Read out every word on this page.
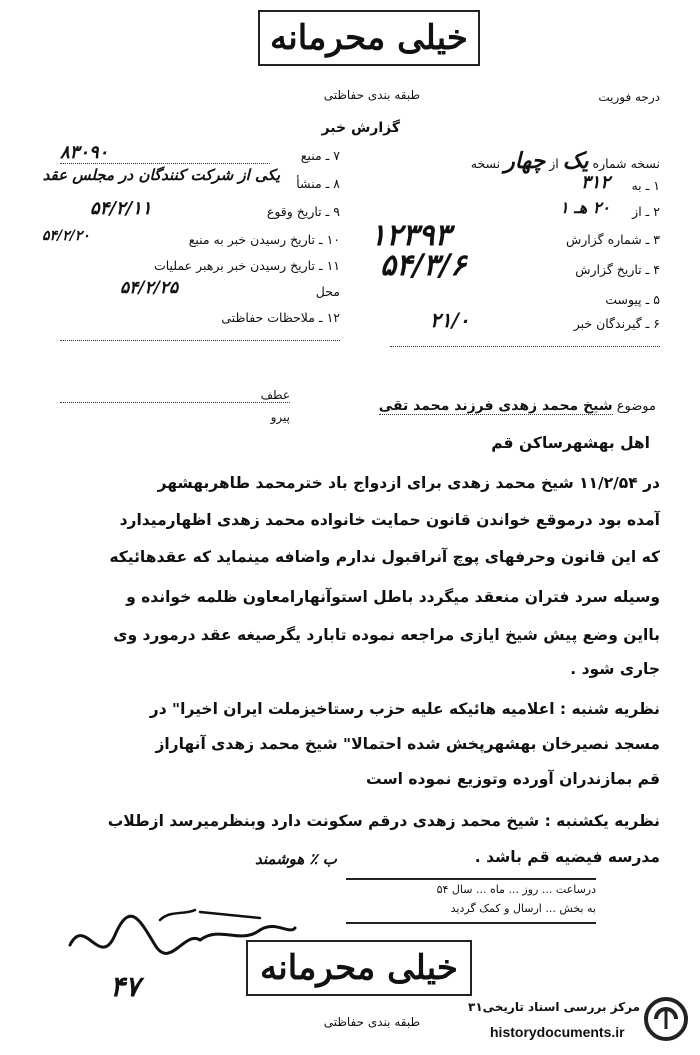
خیلی محرمانه
طبقه بندی حفاظتی	درجه فوریت
گزارش خبر
۷ ـ منبع
۸۳۰۹۰
۸ ـ منشأ
یکی از شرکت کنندگان در مجلس عقد
۹ ـ تاریخ وقوع
۵۴/۲/۱۱
۱۰ ـ تاریخ رسیدن خبر به منبع
۵۴/۲/۲۰
۱۱ ـ تاریخ رسیدن خبر برهبر عملیات
محل
۵۴/۲/۲۵
۱۲ ـ ملاحظات حفاظتی
نسخه شماره یک از چهار نسخه
۱ ـ به
۳۱۲
۲ ـ از
۲۰ هـ ۱
۳ ـ شماره گزارش
۱۲۳۹۳
۴ ـ تاریخ گزارش
۵۴/۳/۶
۵ ـ پیوست
۶ ـ گیرندگان خبر
۲۱/۰
عطف
پیرو
موضوع شیخ محمد زهدی فرزند محمد تقی
اهل بهشهرساکن قم
در ۱۱/۲/۵۴ شیخ محمد زهدی برای ازدواج باد خترمحمد طاهربهشهر
آمده بود درموقع خواندن قانون حمایت خانواده محمد زهدی اظهارمیدارد
که این قانون وحرفهای پوچ آنراقبول ندارم واضافه مینماید که عقدهائیکه
وسیله سرد فتران منعقد میگردد باطل استوآنهارامعاون ظلمه خوانده و
بااین وضع پیش شیخ ایازی مراجعه نموده تابارد یگرصیغه عقد درمورد وی
جاری شود .
نظریه شنبه : اعلامیه هائیکه علیه حزب رستاخیزملت ایران اخیرا" در
مسجد نصیرخان بهشهرپخش شده احتمالا" شیخ محمد زهدی آنهاراز
قم بمازندران آورده وتوزیع نموده است
نظریه یکشنبه : شیخ محمد زهدی درقم سکونت دارد وبنظرمیرسد ازطلاب
مدرسه فیضیه قم باشد .
ب ٪ هوشمند
درساعت ... روز ... ماه ... سال ۵۴
به بخش ... ارسال و کمک گردید
۴۷	خیلی محرمانه
طبقه بندی حفاظتی
۳۱ مرکز بررسی اسناد تاریخی
historydocuments.ir
